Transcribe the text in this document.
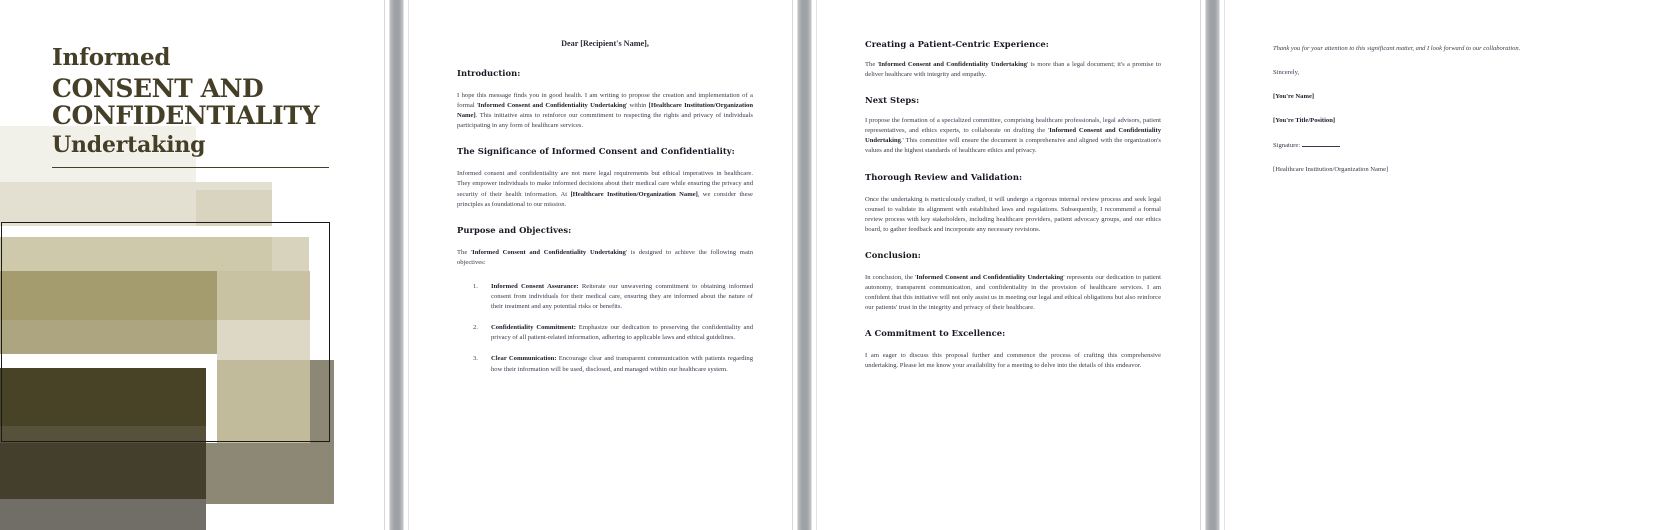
Informed
CONSENT AND
CONFIDENTIALITY
Undertaking

Dear [Recipient's Name],

Introduction:

I hope this message finds you in good health. I am writing to propose the creation and implementation of a formal 'Informed Consent and Confidentiality Undertaking' within [Healthcare Institution/Organization Name]. This initiative aims to reinforce our commitment to respecting the rights and privacy of individuals participating in any form of healthcare services.

The Significance of Informed Consent and Confidentiality:

Informed consent and confidentiality are not mere legal requirements but ethical imperatives in healthcare. They empower individuals to make informed decisions about their medical care while ensuring the privacy and security of their health information. At [Healthcare Institution/Organization Name], we consider these principles as foundational to our mission.

Purpose and Objectives:

The 'Informed Consent and Confidentiality Undertaking' is designed to achieve the following main objectives:

Informed Consent Assurance: Reiterate our unwavering commitment to obtaining informed consent from individuals for their medical care, ensuring they are informed about the nature of their treatment and any potential risks or benefits.
Confidentiality Commitment: Emphasize our dedication to preserving the confidentiality and privacy of all patient-related information, adhering to applicable laws and ethical guidelines.
Clear Communication: Encourage clear and transparent communication with patients regarding how their information will be used, disclosed, and managed within our healthcare system.
Creating a Patient-Centric Experience:

The 'Informed Consent and Confidentiality Undertaking' is more than a legal document; it's a promise to deliver healthcare with integrity and empathy.

Next Steps:

I propose the formation of a specialized committee, comprising healthcare professionals, legal advisors, patient representatives, and ethics experts, to collaborate on drafting the 'Informed Consent and Confidentiality Undertaking.' This committee will ensure the document is comprehensive and aligned with the organization's values and the highest standards of healthcare ethics and privacy.

Thorough Review and Validation:

Once the undertaking is meticulously crafted, it will undergo a rigorous internal review process and seek legal counsel to validate its alignment with established laws and regulations. Subsequently, I recommend a formal review process with key stakeholders, including healthcare providers, patient advocacy groups, and our ethics board, to gather feedback and incorporate any necessary revisions.

Conclusion:

In conclusion, the 'Informed Consent and Confidentiality Undertaking' represents our dedication to patient autonomy, transparent communication, and confidentiality in the provision of healthcare services. I am confident that this initiative will not only assist us in meeting our legal and ethical obligations but also reinforce our patients' trust in the integrity and privacy of their healthcare.

A Commitment to Excellence:

I am eager to discuss this proposal further and commence the process of crafting this comprehensive undertaking. Please let me know your availability for a meeting to delve into the details of this endeavor.

Thank you for your attention to this significant matter, and I look forward to our collaboration.

Sincerely,

[You're Name]

[You're Title/Position]

Signature:

[Healthcare Institution/Organization Name]
